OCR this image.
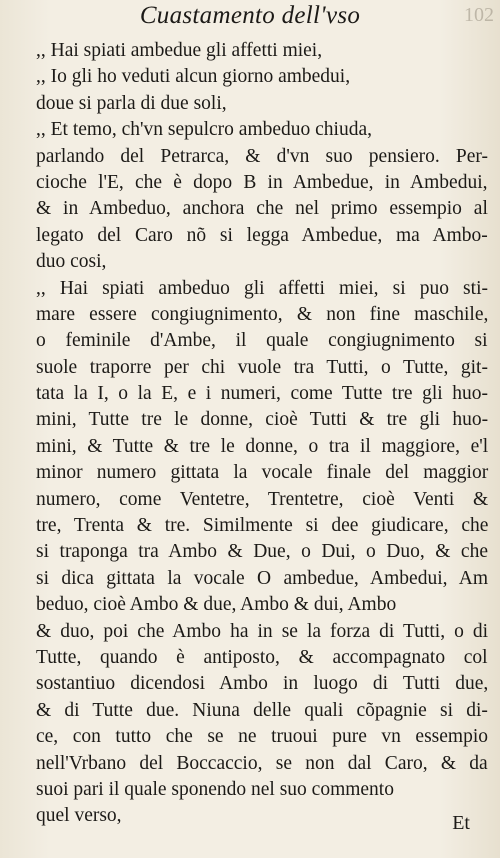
Cuastamento dell'vso	102
,, Hai spiati ambedue gli affetti miei,
,, Io gli ho veduti alcun giorno ambedui,
doue si parla di due soli,
,, Et temo, ch'vn sepulcro ambeduo chiuda,
parlando del Petrarca, & d'vn suo pensiero. Per-
cioche l'E, che è dopo B in Ambedue, in Ambedui,
& in Ambeduo, anchora che nel primo essempio al
legato del Caro nõ si legga Ambedue, ma Ambo-
duo cosi,
,, Hai spiati ambeduo gli affetti miei, si puo sti-
mare essere congiugnimento, & non fine maschile,
o feminile d'Ambe, il quale congiugnimento si
suole traporre per chi vuole tra Tutti, o Tutte, git-
tata la I, o la E, e i numeri, come Tutte tre gli huo-
mini, Tutte tre le donne, cioè Tutti & tre gli huo-
mini, & Tutte & tre le donne, o tra il maggiore, e'l
minor numero gittata la vocale finale del maggior
numero, come Ventetre, Trentetre, cioè Venti &
tre, Trenta & tre. Similmente si dee giudicare, che
si traponga tra Ambo & Due, o Dui, o Duo, & che
si dica gittata la vocale O ambedue, Ambedui, Am
beduo, cioè Ambo & due, Ambo & dui, Ambo
& duo, poi che Ambo ha in se la forza di Tutti, o di
Tutte, quando è antiposto, & accompagnato col
sostantiuo dicendosi Ambo in luogo di Tutti due,
& di Tutte due. Niuna delle quali cõpagnie si di-
ce, con tutto che se ne truoui pure vn essempio
nell'Vrbano del Boccaccio, se non dal Caro, & da
suoi pari il quale sponendo nel suo commento
quel verso,	Et
